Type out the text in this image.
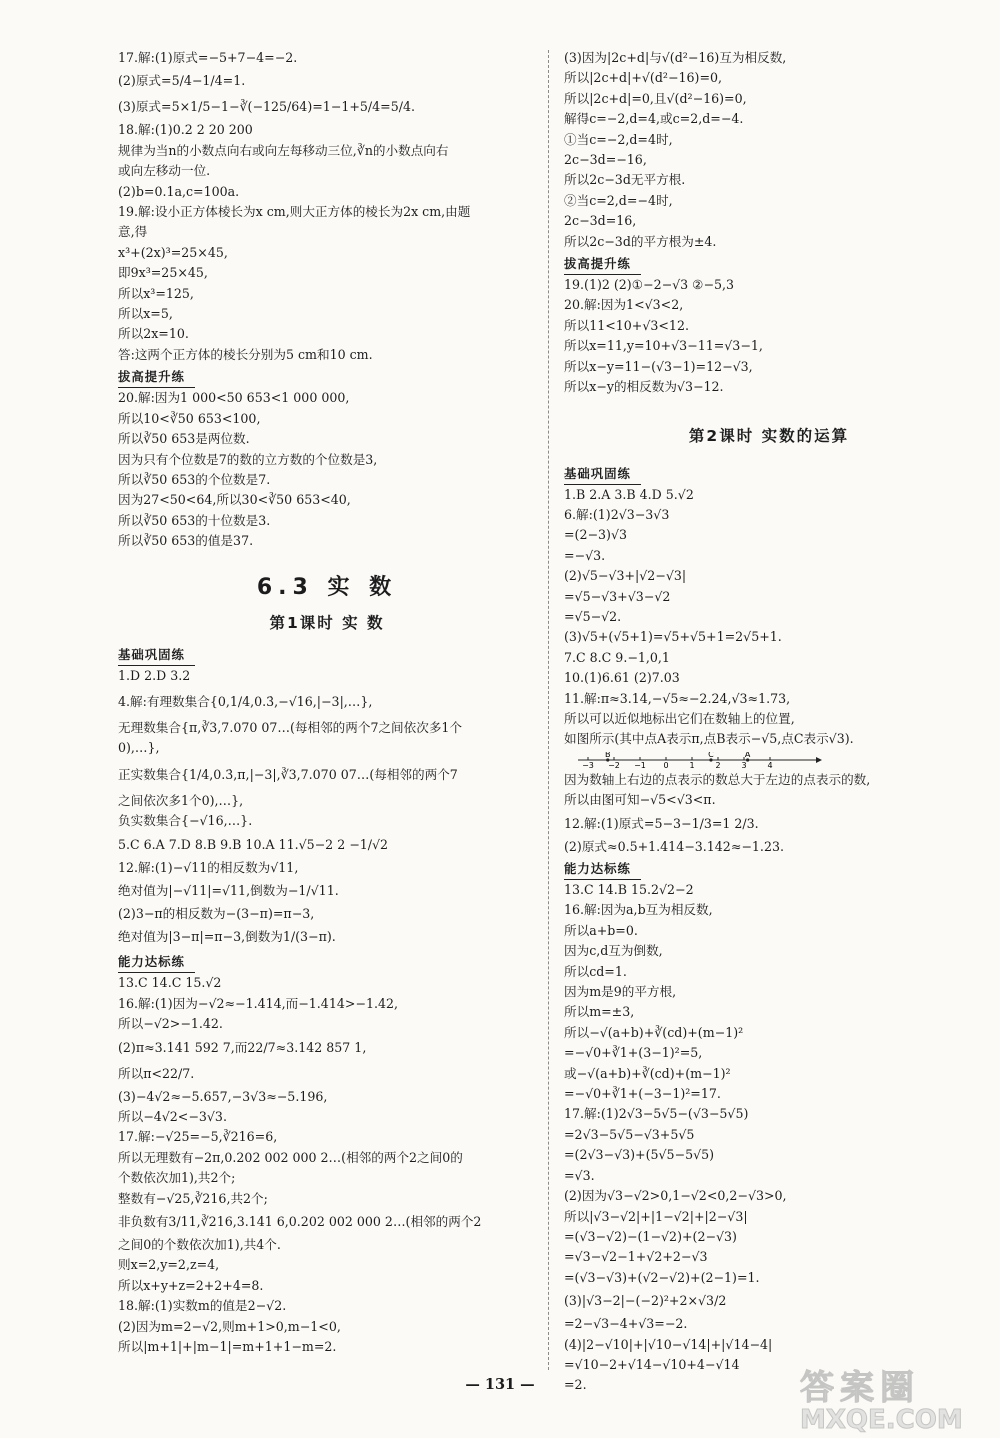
17.解:(1)原式=−5+7−4=−2.
(2)原式=5/4−1/4=1.
(3)原式=5×1/5−1−∛(−125/64)=1−1+5/4=5/4.
18.解:(1)0.2 2 20 200
规律为当n的小数点向右或向左每移动三位,∛n的小数点向右
或向左移动一位.
(2)b=0.1a,c=100a.
19.解:设小正方体棱长为x cm,则大正方体的棱长为2x cm,由题
意,得
x³+(2x)³=25×45,
即9x³=25×45,
所以x³=125,
所以x=5,
所以2x=10.
答:这两个正方体的棱长分别为5 cm和10 cm.
拔高提升练
20.解:因为1 000<50 653<1 000 000,
所以10<∛50 653<100,
所以∛50 653是两位数.
因为只有个位数是7的数的立方数的个位数是3,
所以∛50 653的个位数是7.
因为27<50<64,所以30<∛50 653<40,
所以∛50 653的十位数是3.
所以∛50 653的值是37.
6.3 实 数
第1课时 实 数
基础巩固练
1.D 2.D 3.2
4.解:有理数集合{0,1/4,0.3̇,−√16,|−3|,…},
无理数集合{π,∛3,7.070 07…(每相邻的两个7之间依次多1个
0),…},
正实数集合{1/4,0.3̇,π,|−3|,∛3,7.070 07…(每相邻的两个7
之间依次多1个0),…},
负实数集合{−√16,…}.
5.C 6.A 7.D 8.B 9.B 10.A 11.√5−2 2 −1/√2
12.解:(1)−√11的相反数为√11,
绝对值为|−√11|=√11,倒数为−1/√11.
(2)3−π的相反数为−(3−π)=π−3,
绝对值为|3−π|=π−3,倒数为1/(3−π).
能力达标练
13.C 14.C 15.√2
16.解:(1)因为−√2≈−1.414,而−1.414>−1.42,
所以−√2>−1.42.
(2)π≈3.141 592 7,而22/7≈3.142 857 1,
所以π<22/7.
(3)−4√2≈−5.657,−3√3≈−5.196,
所以−4√2<−3√3.
17.解:−√25=−5,∛216=6,
所以无理数有−2π,0.202 002 000 2…(相邻的两个2之间0的
个数依次加1),共2个;
整数有−√25,∛216,共2个;
非负数有3/11,∛216,3.141 6,0.202 002 000 2…(相邻的两个2
之间0的个数依次加1),共4个.
则x=2,y=2,z=4,
所以x+y+z=2+2+4=8.
18.解:(1)实数m的值是2−√2.
(2)因为m=2−√2,则m+1>0,m−1<0,
所以|m+1|+|m−1|=m+1+1−m=2.
(3)因为|2c+d|与√(d²−16)互为相反数,
所以|2c+d|+√(d²−16)=0,
所以|2c+d|=0,且√(d²−16)=0,
解得c=−2,d=4,或c=2,d=−4.
①当c=−2,d=4时,
2c−3d=−16,
所以2c−3d无平方根.
②当c=2,d=−4时,
2c−3d=16,
所以2c−3d的平方根为±4.
拔高提升练
19.(1)2 (2)①−2−√3 ②−5,3
20.解:因为1<√3<2,
所以11<10+√3<12.
所以x=11,y=10+√3−11=√3−1,
所以x−y=11−(√3−1)=12−√3,
所以x−y的相反数为√3−12.
第2课时 实数的运算
基础巩固练
1.B 2.A 3.B 4.D 5.√2
6.解:(1)2√3−3√3
=(2−3)√3
=−√3.
(2)√5−√3+|√2−√3|
=√5−√3+√3−√2
=√5−√2.
(3)√5+(√5+1)=√5+√5+1=2√5+1.
7.C 8.C 9.−1,0,1
10.(1)6.61 (2)7.03
11.解:π≈3.14,−√5≈−2.24,√3≈1.73,
所以可以近似地标出它们在数轴上的位置,
如图所示(其中点A表示π,点B表示−√5,点C表示√3).
−3 −2 −1 0	1	2	3	4
B	C	A
因为数轴上右边的点表示的数总大于左边的点表示的数,
所以由图可知−√5<√3<π.
12.解:(1)原式=5−3−1/3=1 2/3.
(2)原式≈0.5+1.414−3.142≈−1.23.
能力达标练
13.C 14.B 15.2√2−2
16.解:因为a,b互为相反数,
所以a+b=0.
因为c,d互为倒数,
所以cd=1.
因为m是9的平方根,
所以m=±3,
所以−√(a+b)+∛(cd)+(m−1)²
=−√0+∛1+(3−1)²=5,
或−√(a+b)+∛(cd)+(m−1)²
=−√0+∛1+(−3−1)²=17.
17.解:(1)2√3−5√5−(√3−5√5)
=2√3−5√5−√3+5√5
=(2√3−√3)+(5√5−5√5)
=√3.
(2)因为√3−√2>0,1−√2<0,2−√3>0,
所以|√3−√2|+|1−√2|+|2−√3|
=(√3−√2)−(1−√2)+(2−√3)
=√3−√2−1+√2+2−√3
=(√3−√3)+(√2−√2)+(2−1)=1.
(3)|√3−2|−(−2)²+2×√3/2
=2−√3−4+√3=−2.
(4)|2−√10|+|√10−√14|+|√14−4|
=√10−2+√14−√10+4−√14
=2.
— 131 —	答案圈
MXQE.COM
